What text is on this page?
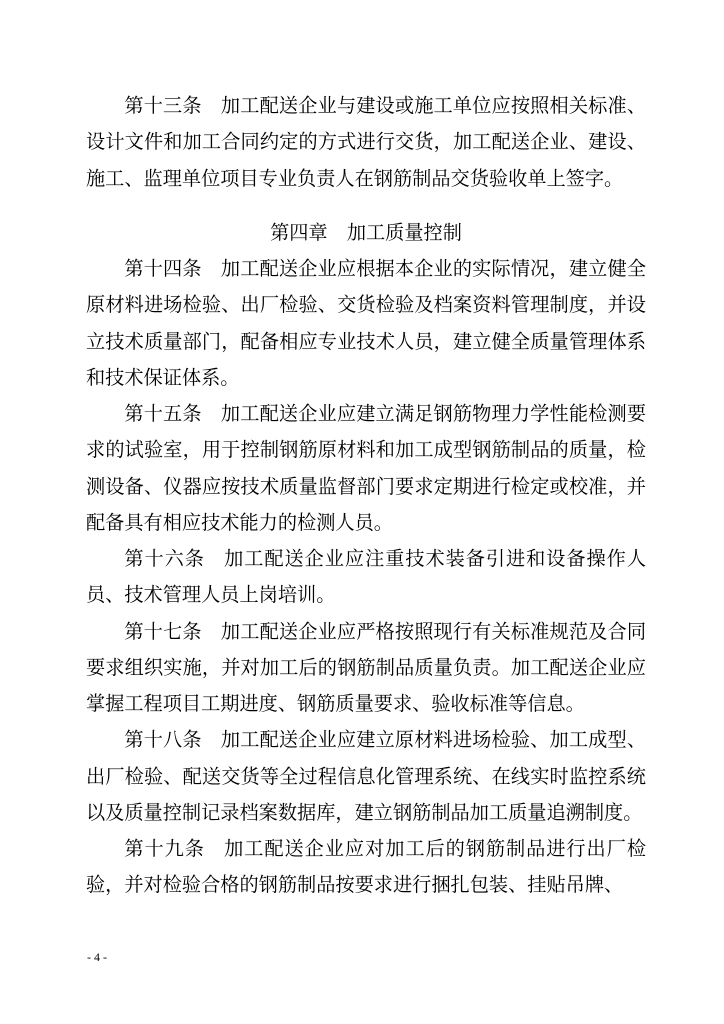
第十三条 加工配送企业与建设或施工单位应按照相关标准、设计文件和加工合同约定的方式进行交货，加工配送企业、建设、施工、监理单位项目专业负责人在钢筋制品交货验收单上签字。

第四章 加工质量控制

第十四条 加工配送企业应根据本企业的实际情况，建立健全原材料进场检验、出厂检验、交货检验及档案资料管理制度，并设立技术质量部门，配备相应专业技术人员，建立健全质量管理体系和技术保证体系。

第十五条 加工配送企业应建立满足钢筋物理力学性能检测要求的试验室，用于控制钢筋原材料和加工成型钢筋制品的质量，检测设备、仪器应按技术质量监督部门要求定期进行检定或校准，并配备具有相应技术能力的检测人员。

第十六条 加工配送企业应注重技术装备引进和设备操作人员、技术管理人员上岗培训。

第十七条 加工配送企业应严格按照现行有关标准规范及合同要求组织实施，并对加工后的钢筋制品质量负责。加工配送企业应掌握工程项目工期进度、钢筋质量要求、验收标准等信息。

第十八条 加工配送企业应建立原材料进场检验、加工成型、出厂检验、配送交货等全过程信息化管理系统、在线实时监控系统以及质量控制记录档案数据库，建立钢筋制品加工质量追溯制度。

第十九条 加工配送企业应对加工后的钢筋制品进行出厂检验，并对检验合格的钢筋制品按要求进行捆扎包装、挂贴吊牌、

- 4 -
